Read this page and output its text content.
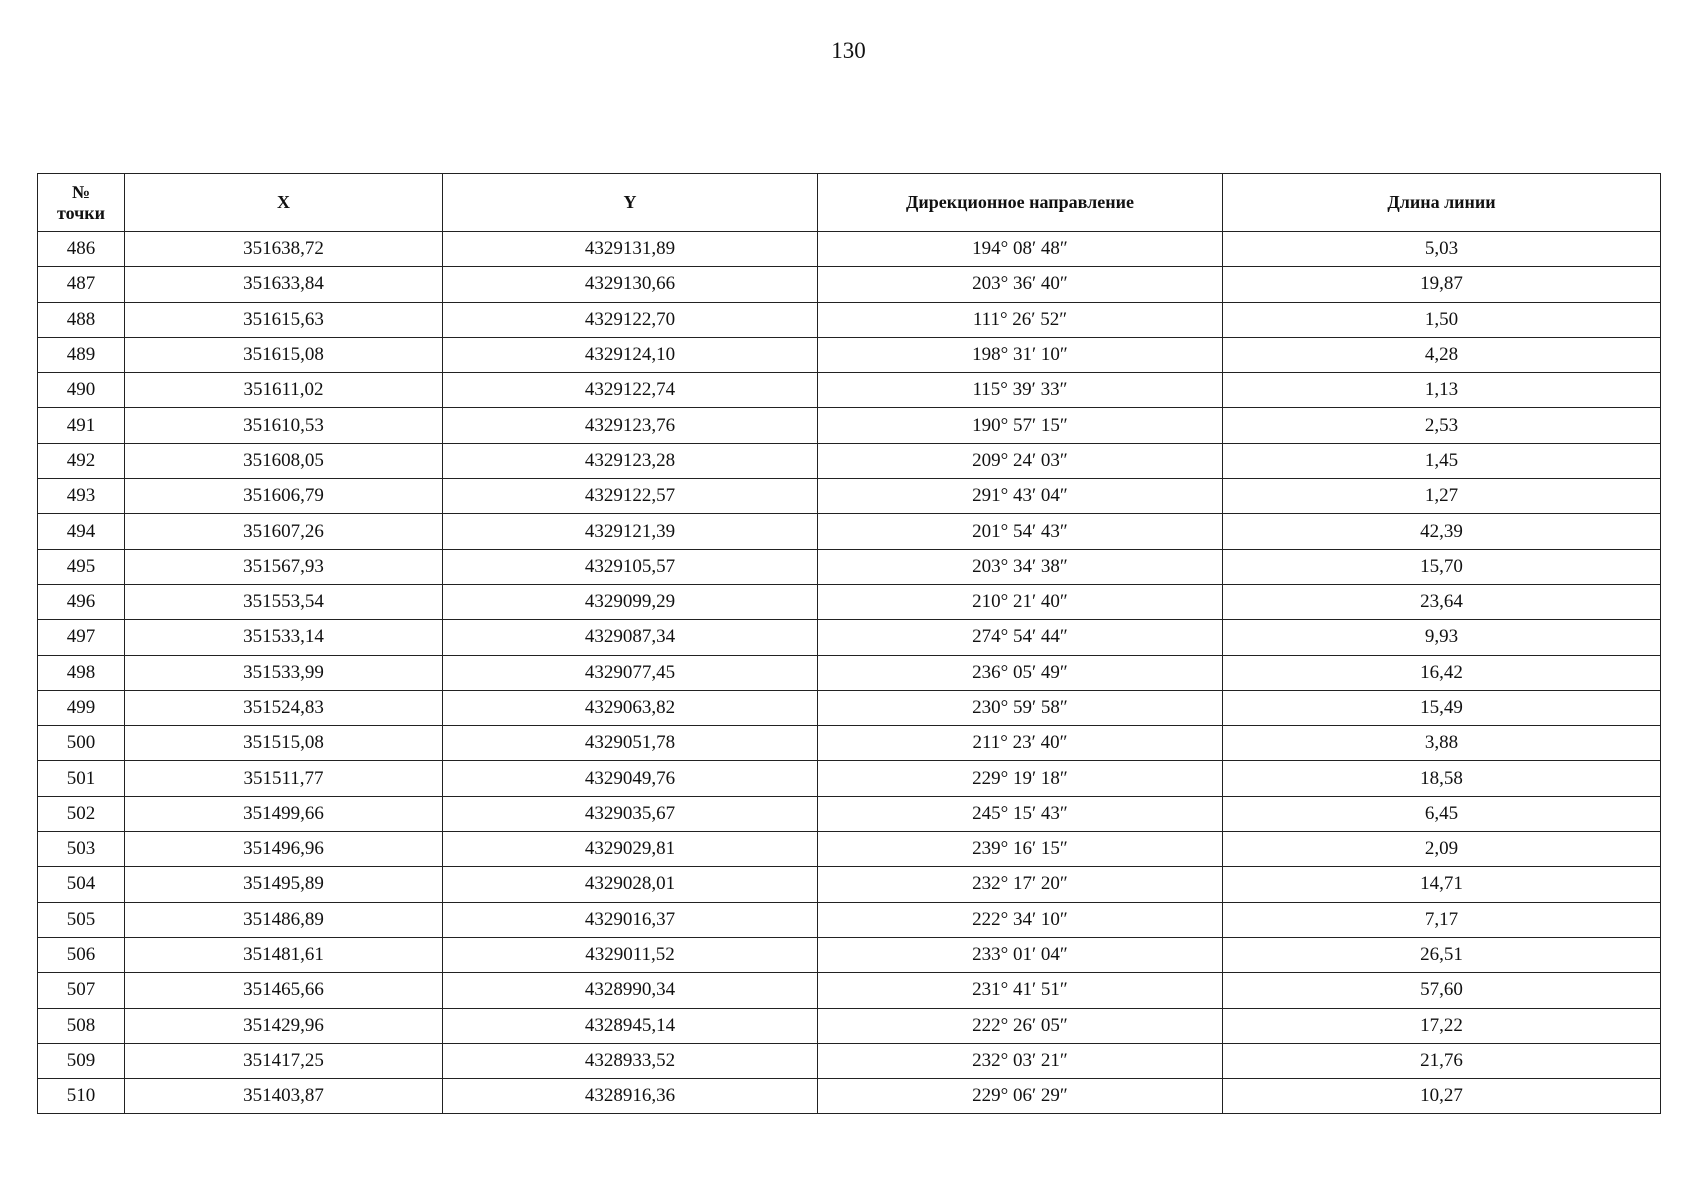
130
№
точки	X	Y	Дирекционное направление	Длина линии
486	351638,72	4329131,89	194° 08′ 48″	5,03
487	351633,84	4329130,66	203° 36′ 40″	19,87
488	351615,63	4329122,70	111° 26′ 52″	1,50
489	351615,08	4329124,10	198° 31′ 10″	4,28
490	351611,02	4329122,74	115° 39′ 33″	1,13
491	351610,53	4329123,76	190° 57′ 15″	2,53
492	351608,05	4329123,28	209° 24′ 03″	1,45
493	351606,79	4329122,57	291° 43′ 04″	1,27
494	351607,26	4329121,39	201° 54′ 43″	42,39
495	351567,93	4329105,57	203° 34′ 38″	15,70
496	351553,54	4329099,29	210° 21′ 40″	23,64
497	351533,14	4329087,34	274° 54′ 44″	9,93
498	351533,99	4329077,45	236° 05′ 49″	16,42
499	351524,83	4329063,82	230° 59′ 58″	15,49
500	351515,08	4329051,78	211° 23′ 40″	3,88
501	351511,77	4329049,76	229° 19′ 18″	18,58
502	351499,66	4329035,67	245° 15′ 43″	6,45
503	351496,96	4329029,81	239° 16′ 15″	2,09
504	351495,89	4329028,01	232° 17′ 20″	14,71
505	351486,89	4329016,37	222° 34′ 10″	7,17
506	351481,61	4329011,52	233° 01′ 04″	26,51
507	351465,66	4328990,34	231° 41′ 51″	57,60
508	351429,96	4328945,14	222° 26′ 05″	17,22
509	351417,25	4328933,52	232° 03′ 21″	21,76
510	351403,87	4328916,36	229° 06′ 29″	10,27
